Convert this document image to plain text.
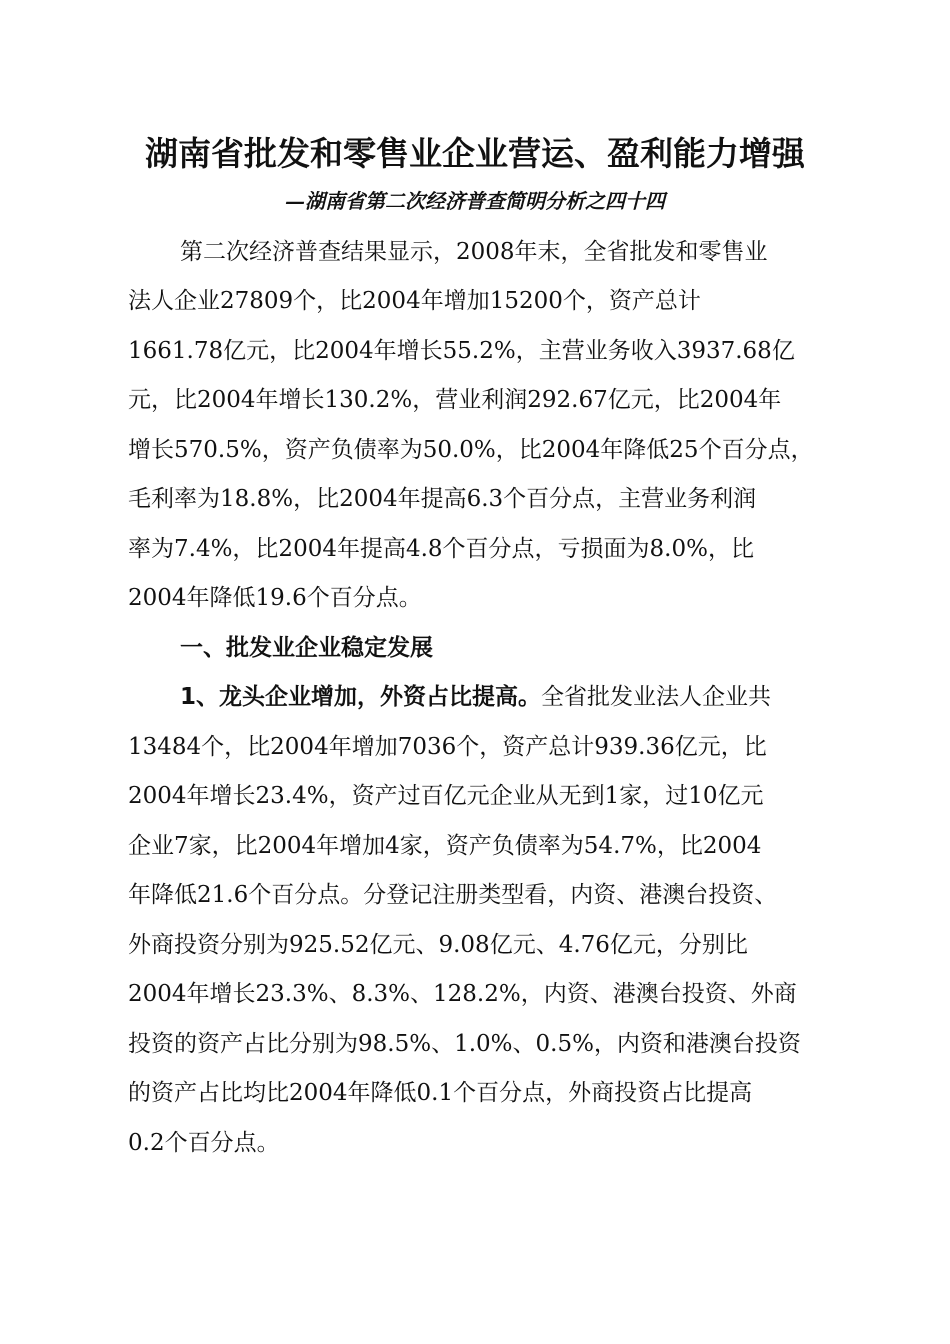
湖南省批发和零售业企业营运、盈利能力增强
—湖南省第二次经济普查简明分析之四十四

第二次经济普查结果显示，2008年末，全省批发和零售业

法人企业27809个，比2004年增加15200个，资产总计

1661.78亿元，比2004年增长55.2%，主营业务收入3937.68亿

元，比2004年增长130.2%，营业利润292.67亿元，比2004年

增长570.5%，资产负债率为50.0%，比2004年降低25个百分点，

毛利率为18.8%，比2004年提高6.3个百分点，主营业务利润

率为7.4%，比2004年提高4.8个百分点，亏损面为8.0%，比

2004年降低19.6个百分点。

一、批发业企业稳定发展

1、龙头企业增加，外资占比提高。全省批发业法人企业共

13484个，比2004年增加7036个，资产总计939.36亿元，比

2004年增长23.4%，资产过百亿元企业从无到1家，过10亿元

企业7家，比2004年增加4家，资产负债率为54.7%，比2004

年降低21.6个百分点。分登记注册类型看，内资、港澳台投资、

外商投资分别为925.52亿元、9.08亿元、4.76亿元，分别比

2004年增长23.3%、8.3%、128.2%，内资、港澳台投资、外商

投资的资产占比分别为98.5%、1.0%、0.5%，内资和港澳台投资

的资产占比均比2004年降低0.1个百分点，外商投资占比提高

0.2个百分点。
